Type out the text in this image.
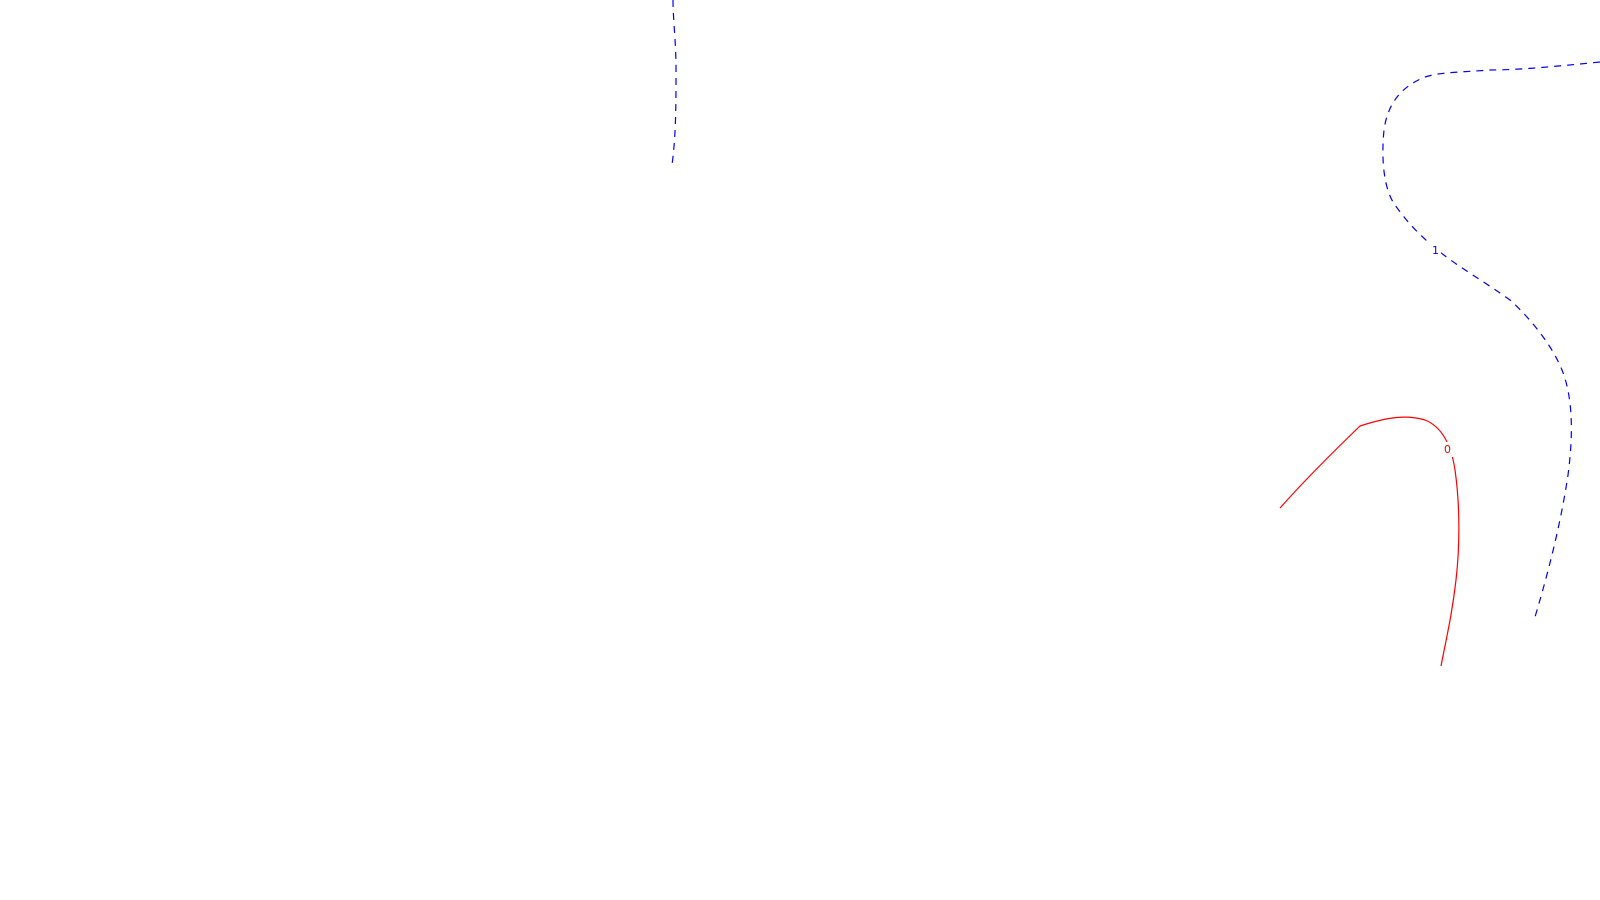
1
0
